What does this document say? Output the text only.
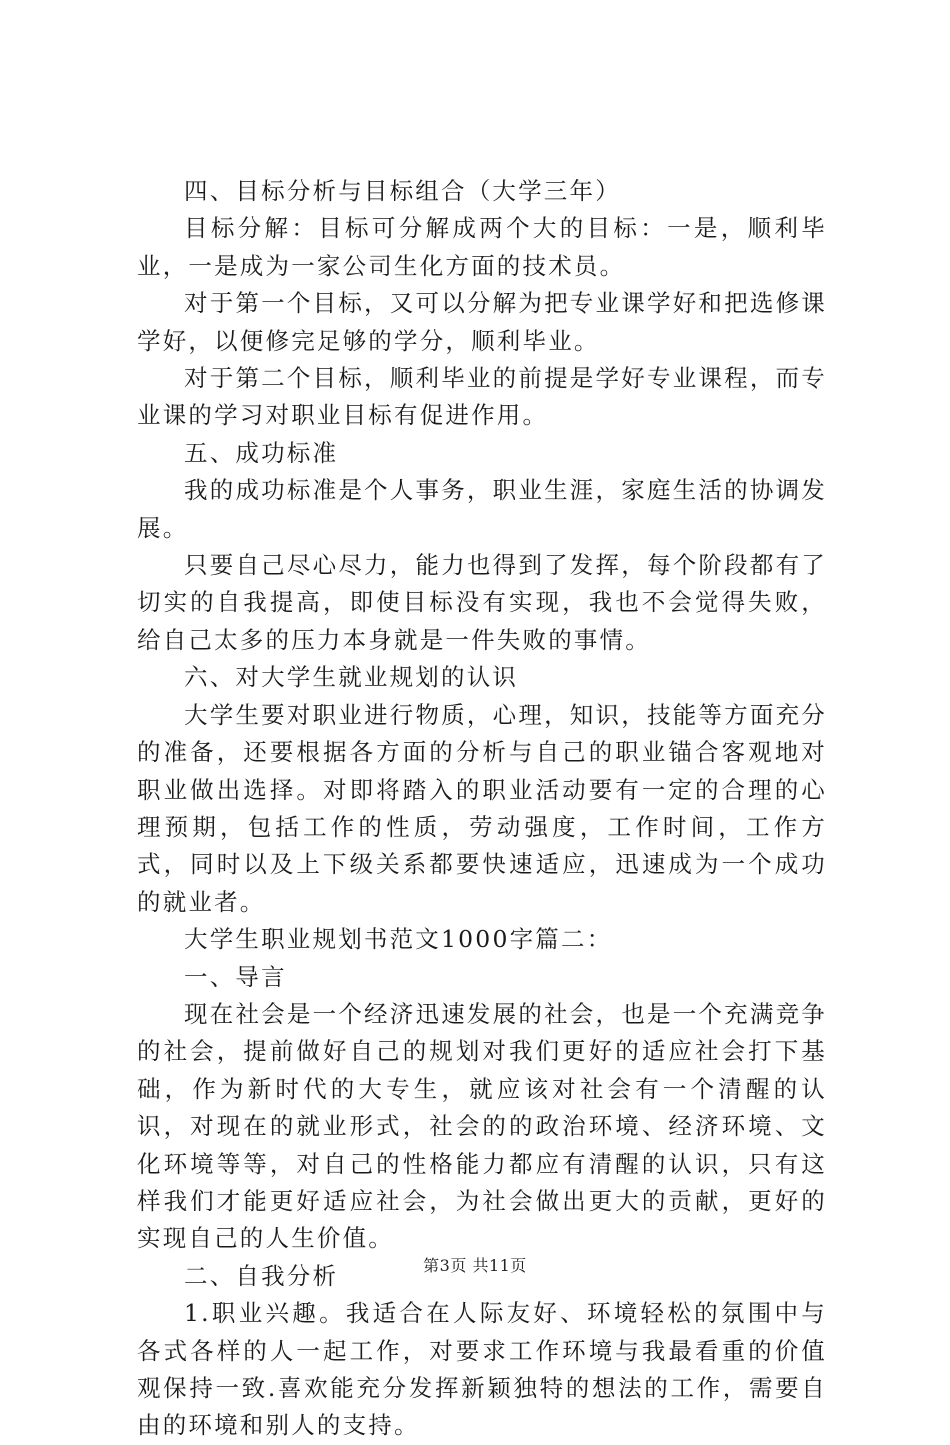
四、目标分析与目标组合（大学三年）

目标分解：目标可分解成两个大的目标：一是，顺利毕业，一是成为一家公司生化方面的技术员。

对于第一个目标，又可以分解为把专业课学好和把选修课学好，以便修完足够的学分，顺利毕业。

对于第二个目标，顺利毕业的前提是学好专业课程，而专业课的学习对职业目标有促进作用。

五、成功标准

我的成功标准是个人事务，职业生涯，家庭生活的协调发展。

只要自己尽心尽力，能力也得到了发挥，每个阶段都有了切实的自我提高，即使目标没有实现，我也不会觉得失败，给自己太多的压力本身就是一件失败的事情。

六、对大学生就业规划的认识

大学生要对职业进行物质，心理，知识，技能等方面充分的准备，还要根据各方面的分析与自己的职业锚合客观地对职业做出选择。对即将踏入的职业活动要有一定的合理的心理预期，包括工作的性质，劳动强度，工作时间，工作方式，同时以及上下级关系都要快速适应，迅速成为一个成功的就业者。

大学生职业规划书范文1000字篇二：

一、导言

现在社会是一个经济迅速发展的社会，也是一个充满竞争的社会，提前做好自己的规划对我们更好的适应社会打下基础，作为新时代的大专生，就应该对社会有一个清醒的认识，对现在的就业形式，社会的的政治环境、经济环境、文化环境等等，对自己的性格能力都应有清醒的认识，只有这样我们才能更好适应社会，为社会做出更大的贡献，更好的实现自己的人生价值。

二、自我分析

1.职业兴趣。我适合在人际友好、环境轻松的氛围中与各式各样的人一起工作，对要求工作环境与我最看重的价值观保持一致.喜欢能充分发挥新颖独特的想法的工作，需要自由的环境和别人的支持。

第3页 共11页
